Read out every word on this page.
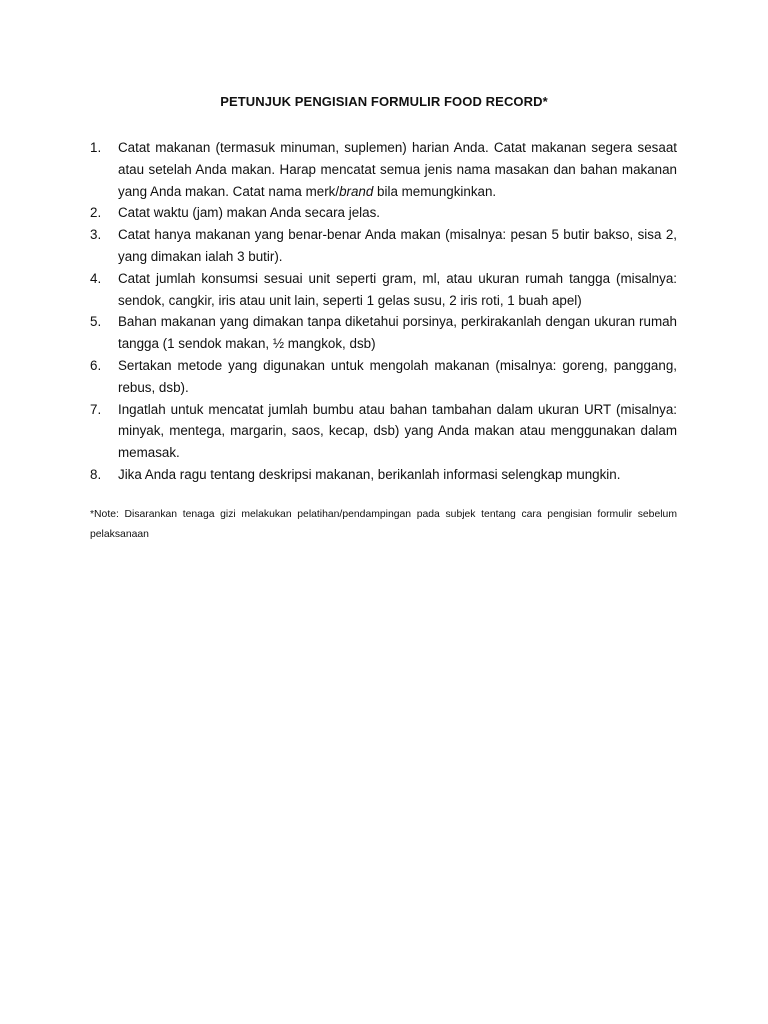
PETUNJUK PENGISIAN FORMULIR FOOD RECORD*
1. Catat makanan (termasuk minuman, suplemen) harian Anda. Catat makanan segera sesaat atau setelah Anda makan. Harap mencatat semua jenis nama masakan dan bahan makanan yang Anda makan. Catat nama merk/brand bila memungkinkan.
2. Catat waktu (jam) makan Anda secara jelas.
3. Catat hanya makanan yang benar-benar Anda makan (misalnya: pesan 5 butir bakso, sisa 2, yang dimakan ialah 3 butir).
4. Catat jumlah konsumsi sesuai unit seperti gram, ml, atau ukuran rumah tangga (misalnya: sendok, cangkir, iris atau unit lain, seperti 1 gelas susu, 2 iris roti, 1 buah apel)
5. Bahan makanan yang dimakan tanpa diketahui porsinya, perkirakanlah dengan ukuran rumah tangga (1 sendok makan, ½ mangkok, dsb)
6. Sertakan metode yang digunakan untuk mengolah makanan (misalnya: goreng, panggang, rebus, dsb).
7. Ingatlah untuk mencatat jumlah bumbu atau bahan tambahan dalam ukuran URT (misalnya: minyak, mentega, margarin, saos, kecap, dsb) yang Anda makan atau menggunakan dalam memasak.
8. Jika Anda ragu tentang deskripsi makanan, berikanlah informasi selengkap mungkin.
*Note: Disarankan tenaga gizi melakukan pelatihan/pendampingan pada subjek tentang cara pengisian formulir sebelum pelaksanaan
